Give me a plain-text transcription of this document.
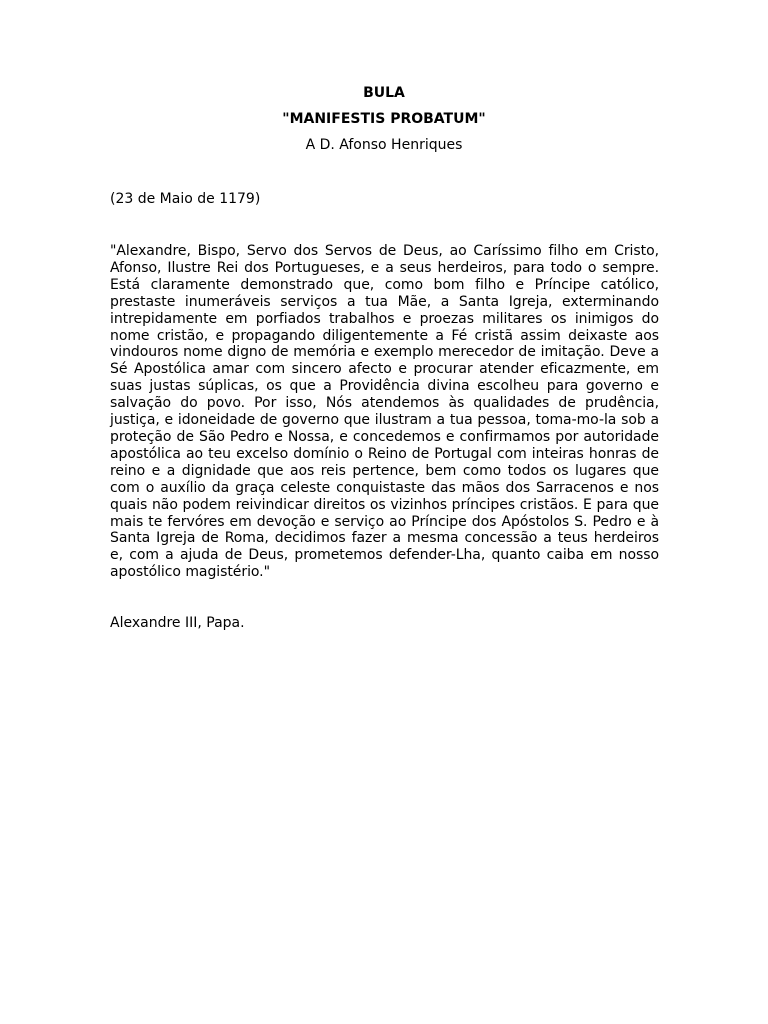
BULA
"MANIFESTIS PROBATUM"
A D. Afonso Henriques
(23 de Maio de 1179)
"Alexandre, Bispo, Servo dos Servos de Deus, ao Caríssimo filho em Cristo, Afonso, Ilustre Rei dos Portugueses, e a seus herdeiros, para todo o sempre. Está claramente demonstrado que, como bom filho e Príncipe católico, prestaste inumeráveis serviços a tua Mãe, a Santa Igreja, exterminando intrepidamente em porfiados trabalhos e proezas militares os inimigos do nome cristão, e propagando diligentemente a Fé cristã assim deixaste aos vindouros nome digno de memória e exemplo merecedor de imitação. Deve a Sé Apostólica amar com sincero afecto e procurar atender eficazmente, em suas justas súplicas, os que a Providência divina escolheu para governo e salvação do povo. Por isso, Nós atendemos às qualidades de prudência, justiça, e idoneidade de governo que ilustram a tua pessoa, toma-mo-la sob a proteção de São Pedro e Nossa, e concedemos e confirmamos por autoridade apostólica ao teu excelso domínio o Reino de Portugal com inteiras honras de reino e a dignidade que aos reis pertence, bem como todos os lugares que com o auxílio da graça celeste conquistaste das mãos dos Sarracenos e nos quais não podem reivindicar direitos os vizinhos príncipes cristãos. E para que mais te fervóres em devoção e serviço ao Príncipe dos Apóstolos S. Pedro e à Santa Igreja de Roma, decidimos fazer a mesma concessão a teus herdeiros e, com a ajuda de Deus, prometemos defender-Lha, quanto caiba em nosso apostólico magistério."
Alexandre III, Papa.
